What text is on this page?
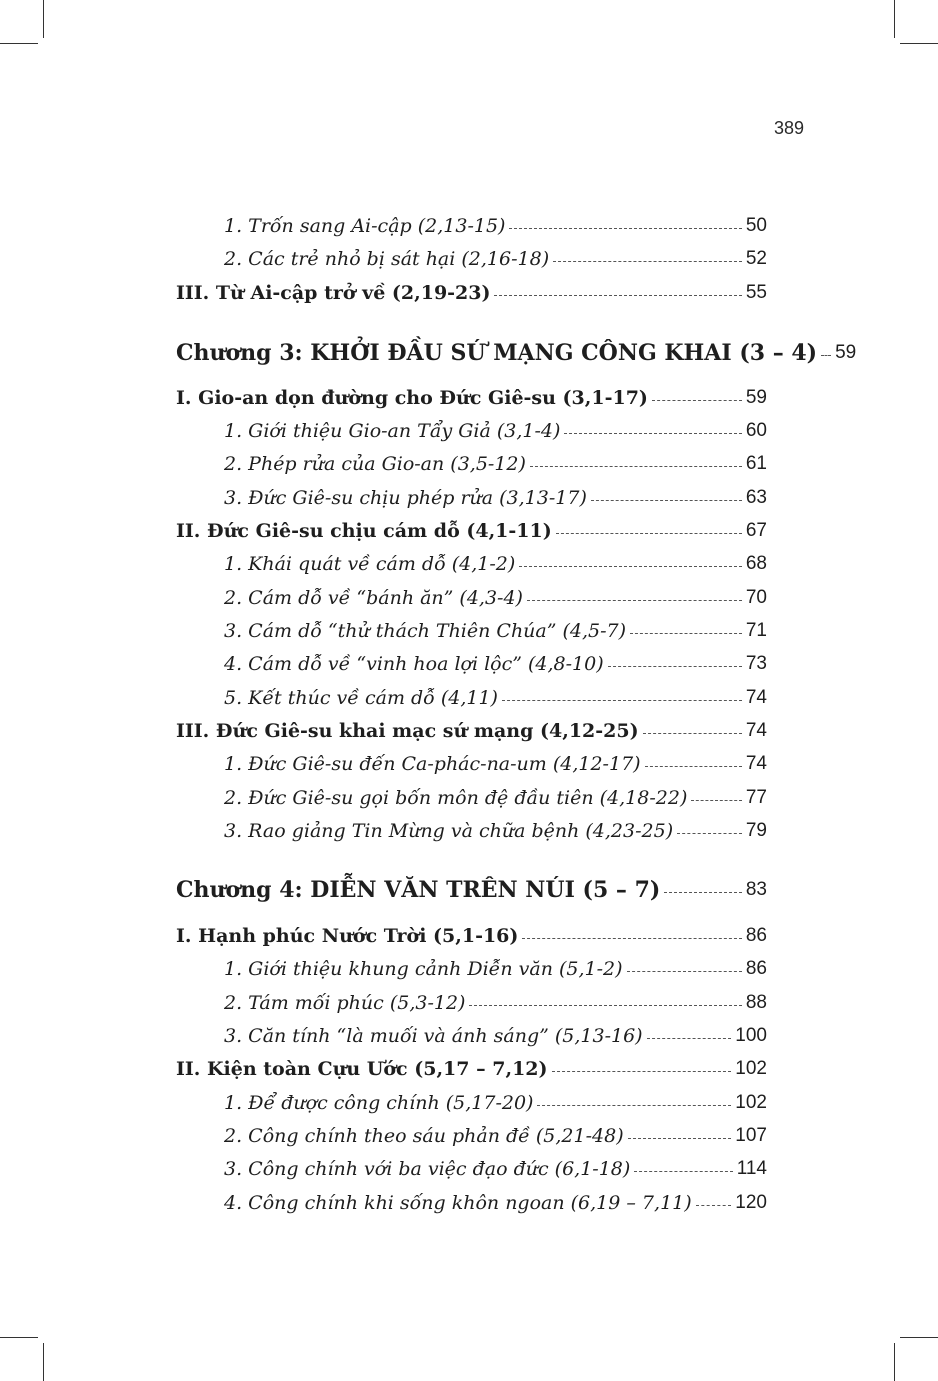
389
1. Trốn sang Ai-cập (2,13-15)	50
2. Các trẻ nhỏ bị sát hại (2,16-18)	52
III. Từ Ai-cập trở về (2,19-23)	55
Chương 3: KHỞI ĐẦU SỨ MẠNG CÔNG KHAI (3 – 4) 59
I. Gio-an dọn đường cho Đức Giê-su (3,1-17)	59
1. Giới thiệu Gio-an Tẩy Giả (3,1-4)	60
2. Phép rửa của Gio-an (3,5-12)	61
3. Đức Giê-su chịu phép rửa (3,13-17)	63
II. Đức Giê-su chịu cám dỗ (4,1-11)	67
1. Khái quát về cám dỗ (4,1-2)	68
2. Cám dỗ về “bánh ăn” (4,3-4)	70
3. Cám dỗ “thử thách Thiên Chúa” (4,5-7)	71
4. Cám dỗ về “vinh hoa lợi lộc” (4,8-10)	73
5. Kết thúc về cám dỗ (4,11)	74
III. Đức Giê-su khai mạc sứ mạng (4,12-25)	74
1. Đức Giê-su đến Ca-phác-na-um (4,12-17)	74
2. Đức Giê-su gọi bốn môn đệ đầu tiên (4,18-22)	77
3. Rao giảng Tin Mừng và chữa bệnh (4,23-25)	79
Chương 4: DIỄN VĂN TRÊN NÚI (5 – 7)	83
I. Hạnh phúc Nước Trời (5,1-16)	86
1. Giới thiệu khung cảnh Diễn văn (5,1-2)	86
2. Tám mối phúc (5,3-12)	88
3. Căn tính “là muối và ánh sáng” (5,13-16)	100
II. Kiện toàn Cựu Ước (5,17 – 7,12)	102
1. Để được công chính (5,17-20)	102
2. Công chính theo sáu phản đề (5,21-48)	107
3. Công chính với ba việc đạo đức (6,1-18)	114
4. Công chính khi sống khôn ngoan (6,19 – 7,11) 120
